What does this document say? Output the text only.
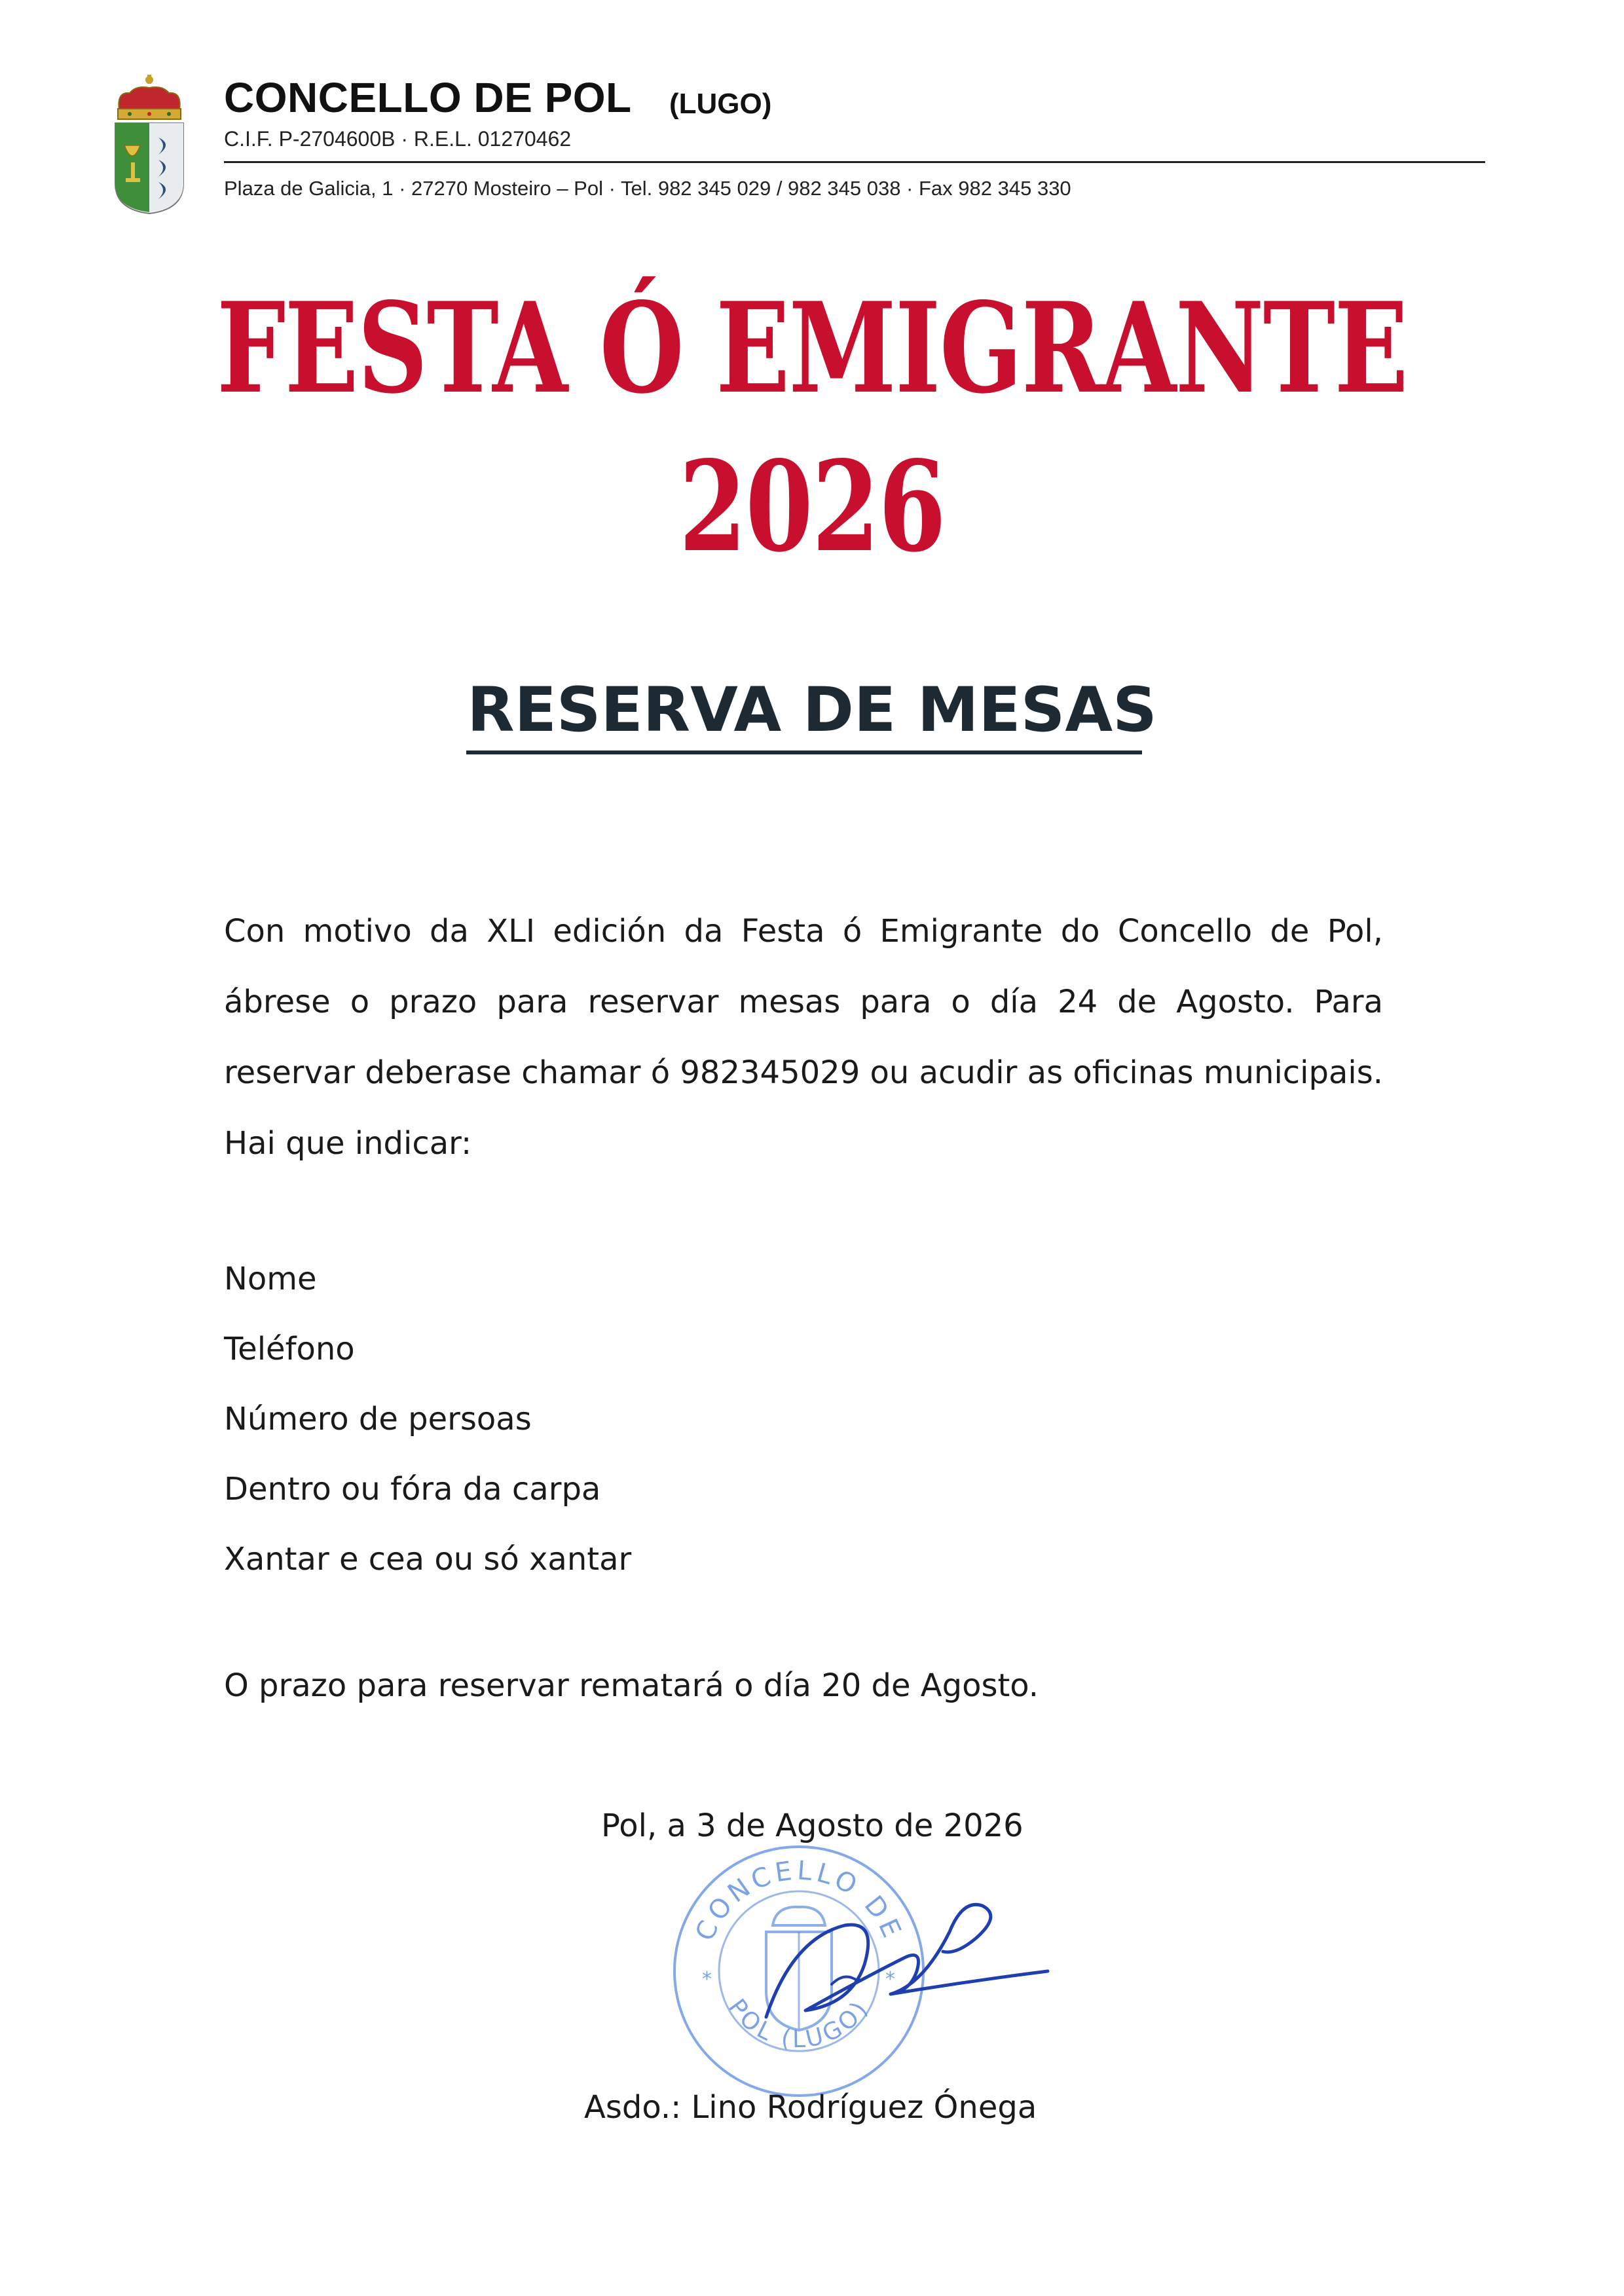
CONCELLO DE POL (LUGO)
C.I.F. P-2704600B · R.E.L. 01270462
Plaza de Galicia, 1 · 27270 Mosteiro – Pol · Tel. 982 345 029 / 982 345 038 · Fax 982 345 330
FESTA Ó EMIGRANTE
2026
RESERVA DE MESAS
Con motivo da XLI edición da Festa ó Emigrante do Concello de Pol, ábrese o prazo para reservar mesas para o día 24 de Agosto. Para reservar deberase chamar ó 982345029 ou acudir as oficinas municipais. Hai que indicar:
Nome
Teléfono
Número de persoas
Dentro ou fóra da carpa
Xantar e cea ou só xantar
O prazo para reservar rematará o día 20 de Agosto.
Pol, a 3 de Agosto de 2026
CONCELLO DE
POL (LUGO)
*	*
Asdo.: Lino Rodríguez Ónega
